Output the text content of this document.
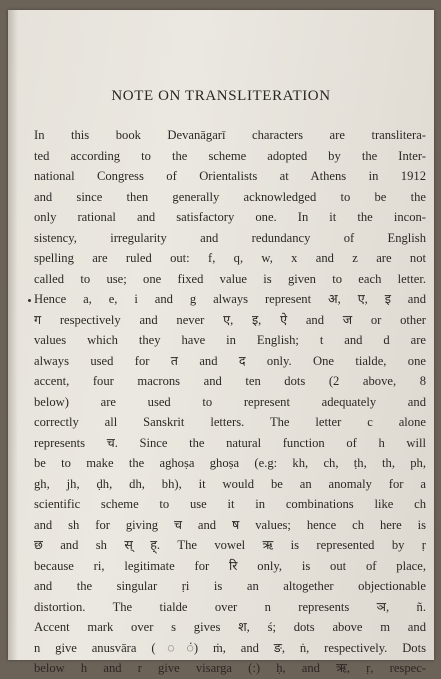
NOTE ON TRANSLITERATION
In this book Devanāgarī characters are translitera-
ted according to the scheme adopted by the Inter-
national Congress of Orientalists at Athens in 1912
and since then generally acknowledged to be the
only rational and satisfactory one. In it the incon-
sistency, irregularity and redundancy of English
spelling are ruled out: f, q, w, x and z are not
called to use; one fixed value is given to each letter.
Hence a, e, i and g always represent अ, ए, इ and
ग respectively and never ए, इ, ऐ and ज or other
values which they have in English; t and d are
always used for त and द only. One tialde, one
accent, four macrons and ten dots (2 above, 8
below) are used to represent adequately and
correctly all Sanskrit letters. The letter c alone
represents च. Since the natural function of h will
be to make the aghoṣa ghoṣa (e.g: kh, ch, ṭh, th, ph,
gh, jh, ḍh, dh, bh), it would be an anomaly for a
scientific scheme to use it in combinations like ch
and sh for giving च and ष values; hence ch here is
छ and sh स् ह्. The vowel ऋ is represented by ṛ
because ri, legitimate for रि only, is out of place,
and the singular ṛi is an altogether objectionable
distortion. The tialde over n represents ञ, ñ.
Accent mark over s gives श, ś; dots above m and
n give anusvāra (◌ं) ṁ, and ङ, ṅ, respectively. Dots
below h and r give visarga (:) ḥ, and ऋ, ṛ, respec-
